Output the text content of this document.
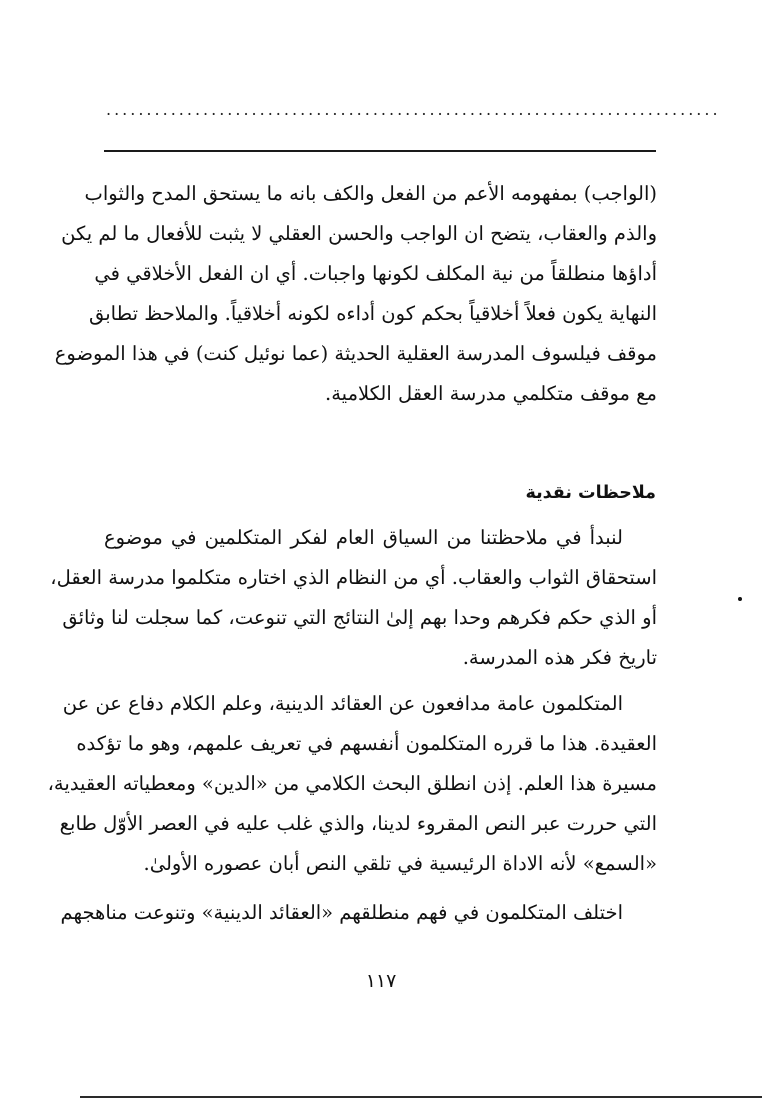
............................................................................
(الواجب) بمفهومه الأعم من الفعل والكف بانه ما يستحق المدح والثواب
والذم والعقاب، يتضح ان الواجب والحسن العقلي لا يثبت للأفعال ما لم يكن
أداؤها منطلقاً من نية المكلف لكونها واجبات. أي ان الفعل الأخلاقي في
النهاية يكون فعلاً أخلاقياً بحكم كون أداءه لكونه أخلاقياً. والملاحظ تطابق
موقف فيلسوف المدرسة العقلية الحديثة (عما نوئيل كنت) في هذا الموضوع
مع موقف متكلمي مدرسة العقل الكلامية.
ملاحظات نقدية
لنبدأ في ملاحظتنا من السياق العام لفكر المتكلمين في موضوع
استحقاق الثواب والعقاب. أي من النظام الذي اختاره متكلموا مدرسة العقل،
أو الذي حكم فكرهم وحدا بهم إلىٰ النتائج التي تنوعت، كما سجلت لنا وثائق
تاريخ فكر هذه المدرسة.
المتكلمون عامة مدافعون عن العقائد الدينية، وعلم الكلام دفاع عن عن
العقيدة. هذا ما قرره المتكلمون أنفسهم في تعريف علمهم، وهو ما تؤكده
مسيرة هذا العلم. إذن انطلق البحث الكلامي من «الدين» ومعطياته العقيدية،
التي حررت عبر النص المقروء لدينا، والذي غلب عليه في العصر الأوّل طابع
«السمع» لأنه الاداة الرئيسية في تلقي النص أبان عصوره الأولىٰ.
اختلف المتكلمون في فهم منطلقهم «العقائد الدينية» وتنوعت مناهجهم
١١٧
